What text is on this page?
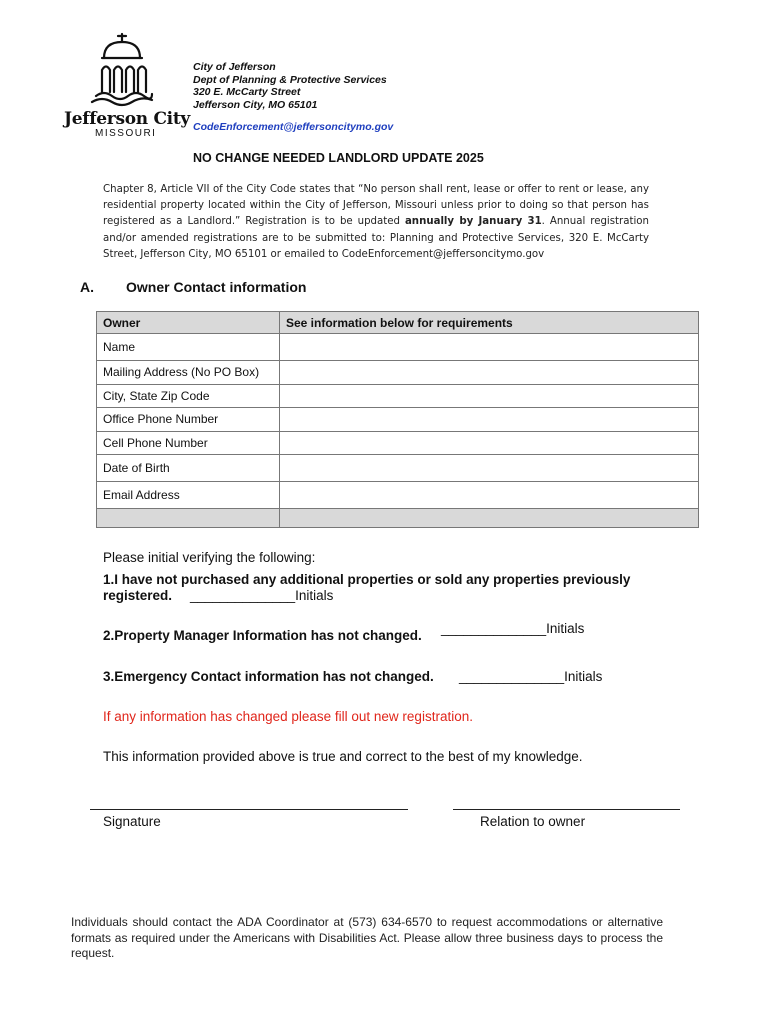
Jefferson City
MISSOURI
City of Jefferson
Dept of Planning & Protective Services
320 E. McCarty Street
Jefferson City, MO 65101
CodeEnforcement@jeffersoncitymo.gov
NO CHANGE NEEDED LANDLORD UPDATE 2025
Chapter 8, Article VII of the City Code states that “No person shall rent, lease or offer to rent or lease, any residential property located within the City of Jefferson, Missouri unless prior to doing so that person has registered as a Landlord.” Registration is to be updated annually by January 31. Annual registration and/or amended registrations are to be submitted to: Planning and Protective Services, 320 E. McCarty Street, Jefferson City, MO 65101 or emailed to CodeEnforcement@jeffersoncitymo.gov
A. Owner Contact information
Owner	See information below for requirements
Name	
Mailing Address (No PO Box)	
City, State Zip Code	
Office Phone Number	
Cell Phone Number	
Date of Birth	
Email Address	

Please initial verifying the following:
1.I have not purchased any additional properties or sold any properties previously
registered. ______________Initials
2.Property Manager Information has not changed. ______________Initials
3.Emergency Contact information has not changed. ______________Initials
If any information has changed please fill out new registration.
This information provided above is true and correct to the best of my knowledge.
Signature	Relation to owner
Individuals should contact the ADA Coordinator at (573) 634-6570 to request accommodations or alternative formats as required under the Americans with Disabilities Act. Please allow three business days to process the request.
